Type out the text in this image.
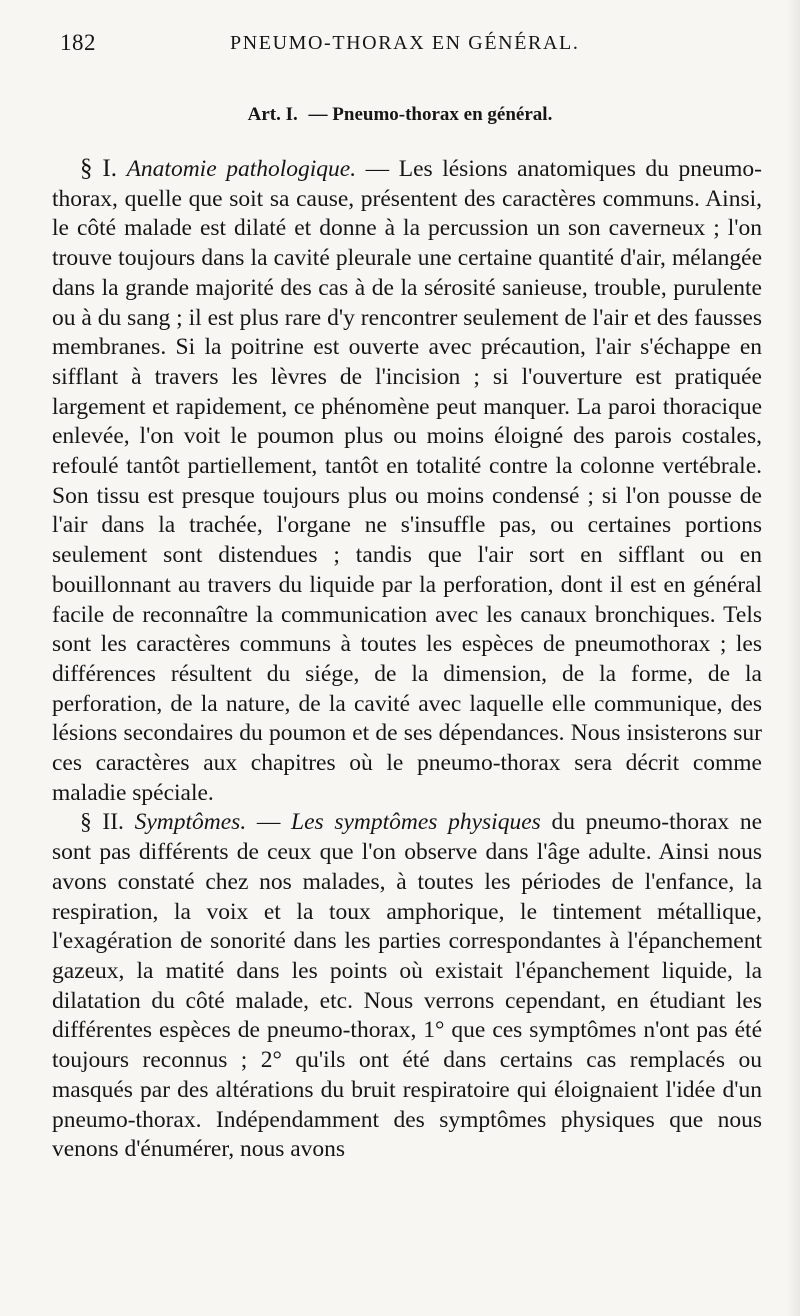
182	PNEUMO-THORAX EN GÉNÉRAL.
Art. I. — Pneumo-thorax en général.

§ I. Anatomie pathologique. — Les lésions anatomiques du pneumo-thorax, quelle que soit sa cause, présentent des caractères communs. Ainsi, le côté malade est dilaté et donne à la percussion un son caverneux ; l'on trouve toujours dans la cavité pleurale une certaine quantité d'air, mélangée dans la grande majorité des cas à de la sérosité sanieuse, trouble, purulente ou à du sang ; il est plus rare d'y rencontrer seulement de l'air et des fausses membranes. Si la poitrine est ouverte avec précaution, l'air s'échappe en sifflant à travers les lèvres de l'incision ; si l'ouverture est pratiquée largement et rapidement, ce phénomène peut manquer. La paroi thoracique enlevée, l'on voit le poumon plus ou moins éloigné des parois costales, refoulé tantôt partiellement, tantôt en totalité contre la colonne vertébrale. Son tissu est presque toujours plus ou moins condensé ; si l'on pousse de l'air dans la trachée, l'organe ne s'insuffle pas, ou certaines portions seulement sont distendues ; tandis que l'air sort en sifflant ou en bouillonnant au travers du liquide par la perforation, dont il est en général facile de reconnaître la communication avec les canaux bronchiques. Tels sont les caractères communs à toutes les espèces de pneumothorax ; les différences résultent du siége, de la dimension, de la forme, de la perforation, de la nature, de la cavité avec laquelle elle communique, des lésions secondaires du poumon et de ses dépendances. Nous insisterons sur ces caractères aux chapitres où le pneumo-thorax sera décrit comme maladie spéciale.

§ II. Symptômes. — Les symptômes physiques du pneumo-thorax ne sont pas différents de ceux que l'on observe dans l'âge adulte. Ainsi nous avons constaté chez nos malades, à toutes les périodes de l'enfance, la respiration, la voix et la toux amphorique, le tintement métallique, l'exagération de sonorité dans les parties correspondantes à l'épanchement gazeux, la matité dans les points où existait l'épanchement liquide, la dilatation du côté malade, etc. Nous verrons cependant, en étudiant les différentes espèces de pneumo-thorax, 1° que ces symptômes n'ont pas été toujours reconnus ; 2° qu'ils ont été dans certains cas remplacés ou masqués par des altérations du bruit respiratoire qui éloignaient l'idée d'un pneumo-thorax. Indépendamment des symptômes physiques que nous venons d'énumérer, nous avons
